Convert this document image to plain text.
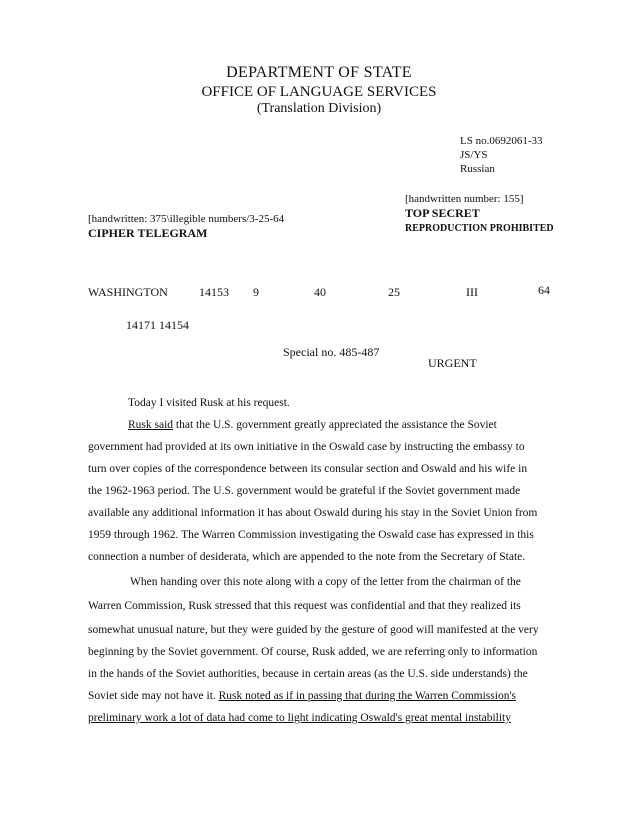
DEPARTMENT OF STATE
OFFICE OF LANGUAGE SERVICES
(Translation Division)
LS no.0692061-33
JS/YS
Russian
[handwritten number: 155]
TOP SECRET
REPRODUCTION PROHIBITED
[handwritten: 375\illegible numbers/3-25-64
CIPHER TELEGRAM
WASHINGTON	14153 9	40	25	III	64
14171 14154
Special no. 485-487
URGENT
Today I visited Rusk at his request.
Rusk said that the U.S. government greatly appreciated the assistance the Soviet
government had provided at its own initiative in the Oswald case by instructing the embassy to
turn over copies of the correspondence between its consular section and Oswald and his wife in
the 1962-1963 period. The U.S. government would be grateful if the Soviet government made
available any additional information it has about Oswald during his stay in the Soviet Union from
1959 through 1962. The Warren Commission investigating the Oswald case has expressed in this
connection a number of desiderata, which are appended to the note from the Secretary of State.
When handing over this note along with a copy of the letter from the chairman of the
Warren Commission, Rusk stressed that this request was confidential and that they realized its
somewhat unusual nature, but they were guided by the gesture of good will manifested at the very
beginning by the Soviet government. Of course, Rusk added, we are referring only to information
in the hands of the Soviet authorities, because in certain areas (as the U.S. side understands) the
Soviet side may not have it. Rusk noted as if in passing that during the Warren Commission's
preliminary work a lot of data had come to light indicating Oswald's great mental instability
